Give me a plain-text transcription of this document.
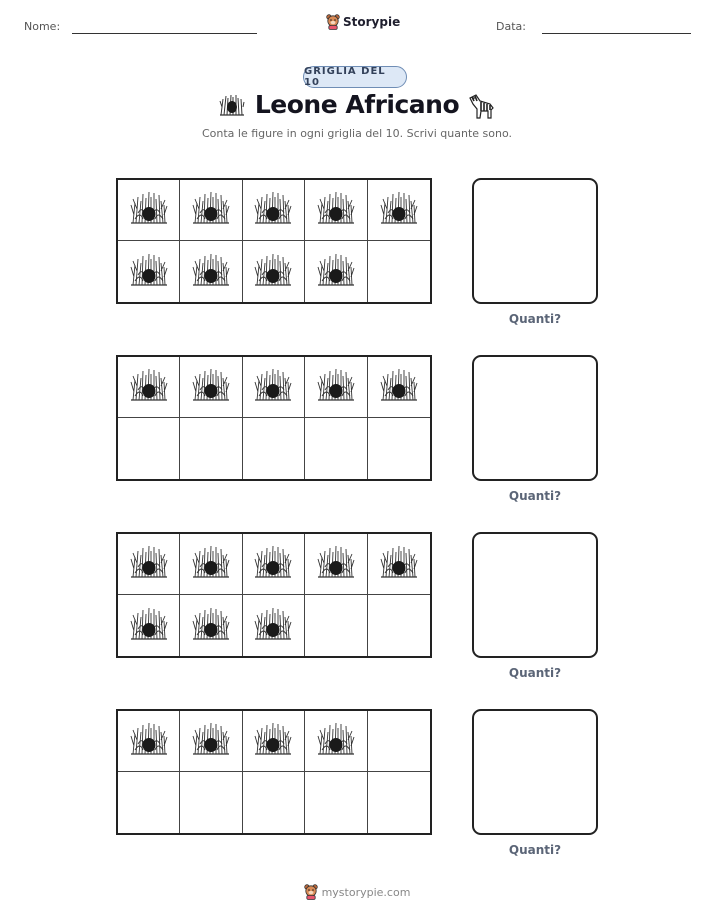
Nome:	Storypie	Data:
GRIGLIA DEL 10
Leone Africano
Conta le figure in ogni griglia del 10. Scrivi quante sono.
Quanti?
Quanti?
Quanti?
Quanti?
mystorypie.com
